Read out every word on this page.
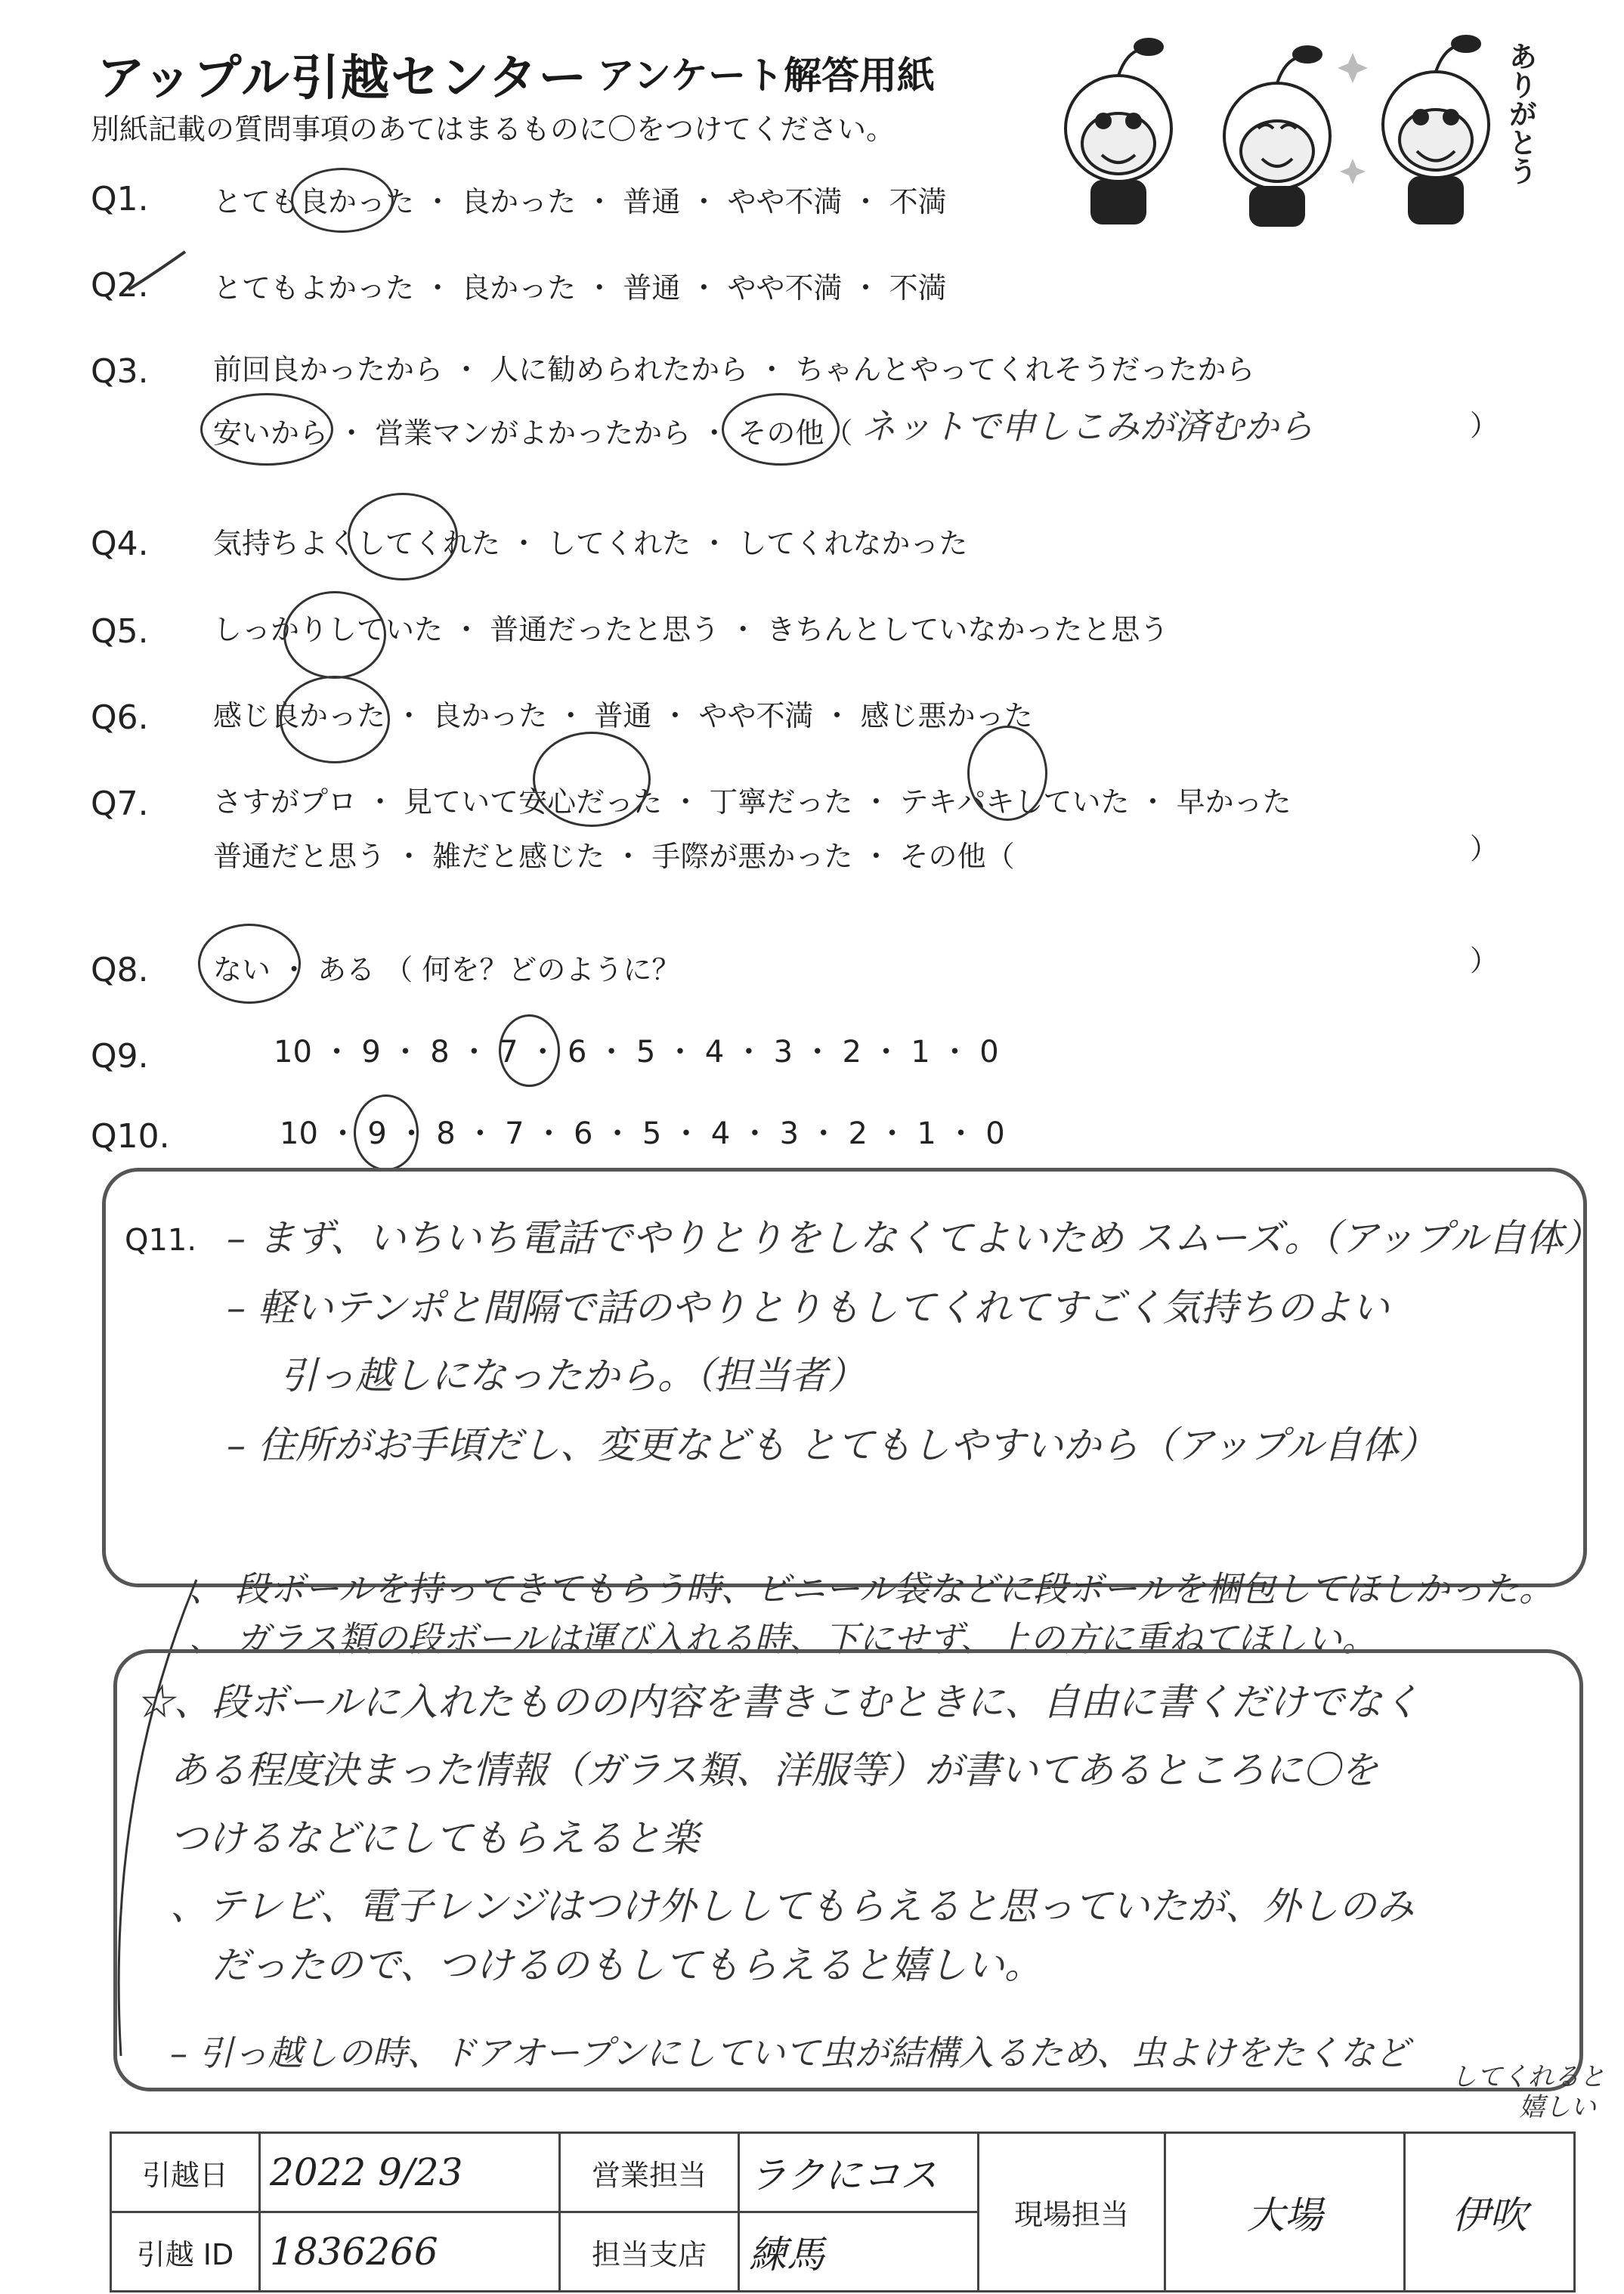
アップル引越センター アンケート解答用紙
別紙記載の質問事項のあてはまるものに〇をつけてください。	ありがとう
Q1. とても良かった ・ 良かった ・ 普通 ・ やや不満 ・ 不満
Q2. とてもよかった ・ 良かった ・ 普通 ・ やや不満 ・ 不満
Q3. 前回良かったから ・ 人に勧められたから ・ ちゃんとやってくれそうだったから
安いから ・ 営業マンがよかったから ・ その他（ ネットで申しこみが済むから	）
Q4. 気持ちよくしてくれた ・ してくれた ・ してくれなかった
Q5. しっかりしていた ・ 普通だったと思う ・ きちんとしていなかったと思う
Q6. 感じ良かった ・ 良かった ・ 普通 ・ やや不満 ・ 感じ悪かった
Q7. さすがプロ ・ 見ていて安心だった ・ 丁寧だった ・ テキパキしていた ・ 早かった
普通だと思う ・ 雑だと感じた ・ 手際が悪かった ・ その他（	）
Q8. ない ・ ある （ 何を？どのように？	）
Q9.	10 ・ 9 ・ 8 ・ 7 ・ 6 ・ 5 ・ 4 ・ 3 ・ 2 ・ 1 ・ 0
Q10.	10 ・ 9 ・ 8 ・ 7 ・ 6 ・ 5 ・ 4 ・ 3 ・ 2 ・ 1 ・ 0
Q11. – まず、いちいち電話でやりとりをしなくてよいため スムーズ。（アップル自体）
– 軽いテンポと間隔で話のやりとりもしてくれてすごく気持ちのよい
引っ越しになったから。（担当者）
– 住所がお手頃だし、変更なども とてもしやすいから（アップル自体）
、 段ボールを持ってきてもらう時、ビニール袋などに段ボールを梱包してほしかった。
、 ガラス類の段ボールは運び入れる時、下にせず、上の方に重ねてほしい。
☆、段ボールに入れたものの内容を書きこむときに、自由に書くだけでなく
ある程度決まった情報（ガラス類、洋服等）が書いてあるところに〇を
つけるなどにしてもらえると楽
、テレビ、電子レンジはつけ外ししてもらえると思っていたが、外しのみ
だったので、つけるのもしてもらえると嬉しい。
– 引っ越しの時、ドアオープンにしていて虫が結構入るため、虫よけをたくなど
してくれると
嬉しい
引越日	2022 9/23	営業担当	ラクにコス	現場担当	大場	伊吹
引越 ID	1836266	担当支店	練馬			
